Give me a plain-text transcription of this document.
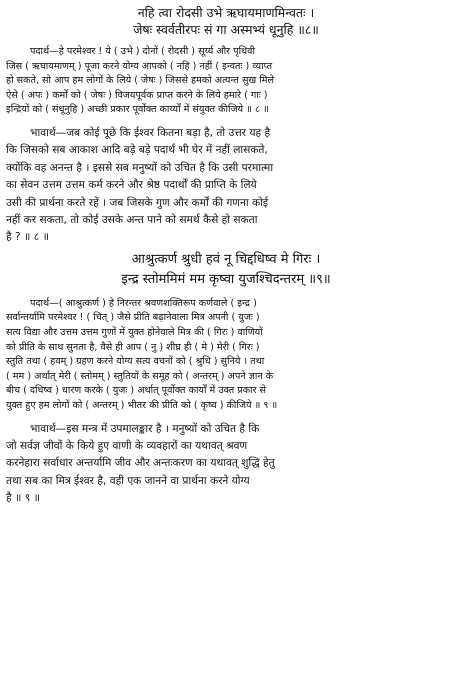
नहि त्वा रोदसी उभे ऋघायमाणमिन्वतः ।

जेषः स्वर्वतीरपः सं गा अस्मभ्यं धूनुहि ॥८॥

पदार्थ—हे परमेश्वर ! ये ( उभे ) दोनों ( रोदसी ) सूर्य्य और पृथिवी
जिस ( ऋघायमाणम् ) पूजा करने योग्य आपको ( नहि ) नहीं ( इन्वतः ) व्याप्त
हो सकते, सो आप हम लोगों के लिये ( जेषः ) जिससे हमको अत्यन्त सुख मिले
ऐसे ( अपः ) कर्मों को ( जेषः ) विजयपूर्वक प्राप्त करने के लिये हमारे ( गाः )
इन्द्रियों को ( संधूनुहि ) अच्छी प्रकार पूर्वोक्त कार्य्यों में संयुक्त कीजिये ॥ ८ ॥
भावार्थ—जब कोई पूछे कि ईश्वर कितना बड़ा है, तो उत्तर यह है
कि जिसको सब आकाश आदि बड़े बड़े पदार्थ भी घेर में नहीं लासकते,
क्योंकि वह अनन्त है । इससे सब मनुष्यों को उचित है कि उसी परमात्मा
का सेवन उत्तम उत्तम कर्म करने और श्रेष्ठ पदार्थों की प्राप्ति के लिये
उसी की प्रार्थना करते रहें । जब जिसके गुण और कर्मों की गणना कोई
नहीं कर सकता, तो कोई उसके अन्त पाने को समर्थ कैसे हो सकता
है ? ॥ ८ ॥

आश्रुत्कर्ण श्रुधी हवं नू चिद्दधिष्व मे गिरः ।

इन्द्र स्तोममिमं मम कृष्वा युजश्चिदन्तरम् ॥९॥

पदार्थ—( आश्रुत्कर्ण ) हे निरन्तर श्रवणशक्तिरूप कर्णवाले ( इन्द्र )
सर्वान्तर्यामि परमेश्वर ! ( चित् ) जैसे प्रीति बढ़ानेवाला मित्र अपनी ( युजः )
सत्य विद्या और उत्तम उत्तम गुणों में युक्त होनेवाले मित्र की ( गिरः ) वाणियों
को प्रीति के साथ सुनता है, वैसे ही आप ( नु ) शीघ्र ही ( मे ) मेरी ( गिरः )
स्तुति तथा ( हवम् ) ग्रहण करने योग्य सत्य वचनों को ( श्रुधि ) सुनिये । तथा
( मम ) अर्थात् मेरी ( स्तोमम् ) स्तुतियों के समूह को ( अन्तरम् ) अपने ज्ञान के
बीच ( दधिष्व ) धारण करके ( युजः ) अर्थात् पूर्वोक्त कार्यों में उक्त प्रकार से
युक्त हुए हम लोगों को ( अन्तरम् ) भीतर की प्रीति को ( कृष्व ) कीजिये ॥ ९ ॥
भावार्थ—इस मन्त्र में उपमालङ्कार है । मनुष्यों को उचित है कि
जो सर्वज्ञ जीवों के किये हुए वाणी के व्यवहारों का यथावत् श्रवण
करनेहारा सर्वाधार अन्तर्यामि जीव और अन्तःकरण का यथावत् शुद्धि हेतु
तथा सब का मित्र ईश्वर है, वही एक जानने वा प्रार्थना करने योग्य
है ॥ ९ ॥
